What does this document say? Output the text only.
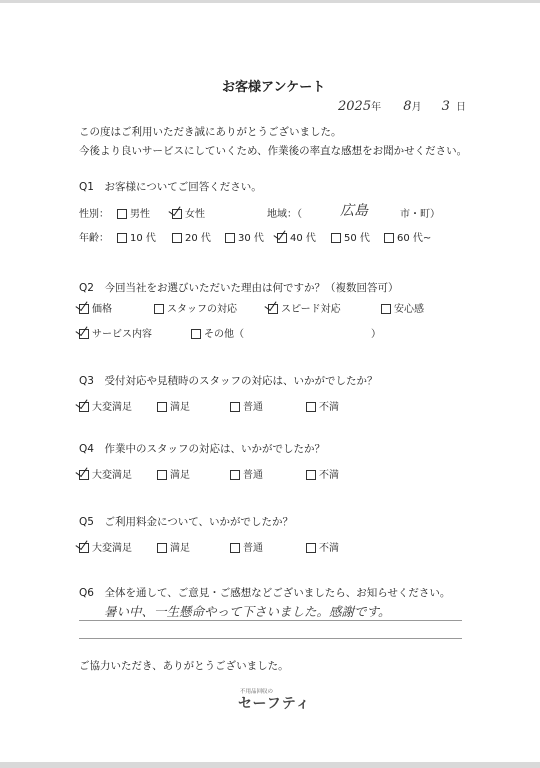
お客様アンケート
2025年 8月 3 日
この度はご利用いただき誠にありがとうございました。
今後より良いサービスにしていくため、作業後の率直な感想をお聞かせください。
Q1　お客様についてご回答ください。
性別：	男性	女性	地域：（	広島	市・町）
年齢：	10 代	20 代	30 代	40 代	50 代	60 代~
Q2　今回当社をお選びいただいた理由は何ですか？（複数回答可）
価格	スタッフの対応	スピード対応	安心感
サービス内容	その他（	）
Q3　受付対応や見積時のスタッフの対応は、いかがでしたか？
大変満足	満足	普通	不満
Q4　作業中のスタッフの対応は、いかがでしたか？
大変満足	満足	普通	不満
Q5　ご利用料金について、いかがでしたか？
大変満足	満足	普通	不満
Q6　全体を通して、ご意見・ご感想などございましたら、お知らせください。
暑い中、一生懸命やって下さいました。感謝です。
ご協力いただき、ありがとうございました。
不用品回収の
セーフティ
